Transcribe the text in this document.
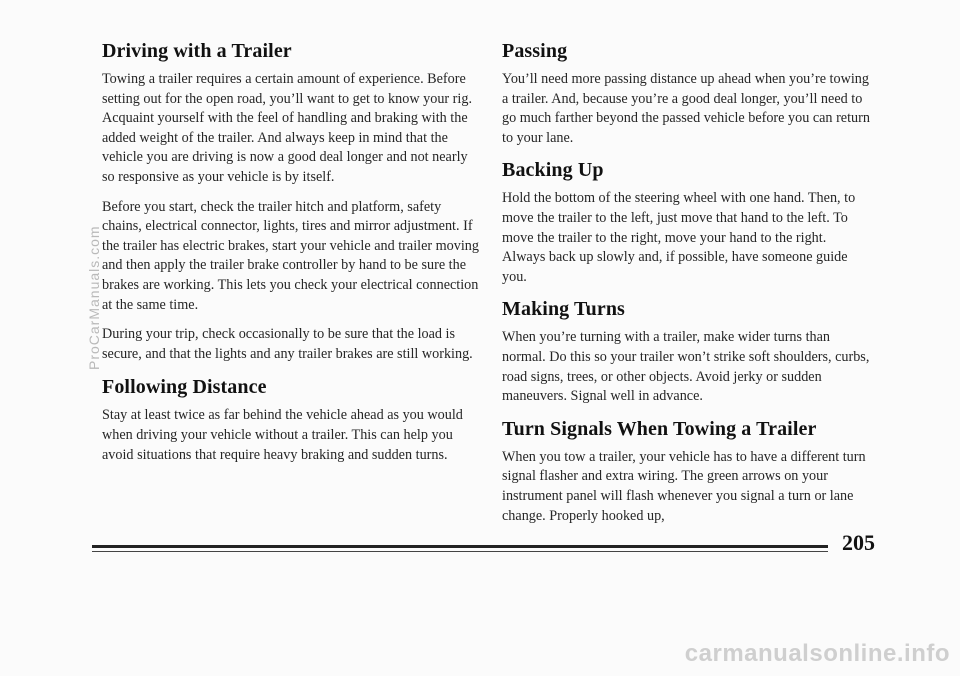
Driving with a Trailer

Towing a trailer requires a certain amount of experience. Before setting out for the open road, you’ll want to get to know your rig. Acquaint yourself with the feel of handling and braking with the added weight of the trailer. And always keep in mind that the vehicle you are driving is now a good deal longer and not nearly so responsive as your vehicle is by itself.

Before you start, check the trailer hitch and platform, safety chains, electrical connector, lights, tires and mirror adjustment. If the trailer has electric brakes, start your vehicle and trailer moving and then apply the trailer brake controller by hand to be sure the brakes are working. This lets you check your electrical connection at the same time.

During your trip, check occasionally to be sure that the load is secure, and that the lights and any trailer brakes are still working.

Following Distance

Stay at least twice as far behind the vehicle ahead as you would when driving your vehicle without a trailer. This can help you avoid situations that require heavy braking and sudden turns.

Passing

You’ll need more passing distance up ahead when you’re towing a trailer. And, because you’re a good deal longer, you’ll need to go much farther beyond the passed vehicle before you can return to your lane.

Backing Up

Hold the bottom of the steering wheel with one hand. Then, to move the trailer to the left, just move that hand to the left. To move the trailer to the right, move your hand to the right. Always back up slowly and, if possible, have someone guide you.

Making Turns

When you’re turning with a trailer, make wider turns than normal. Do this so your trailer won’t strike soft shoulders, curbs, road signs, trees, or other objects. Avoid jerky or sudden maneuvers. Signal well in advance.

Turn Signals When Towing a Trailer

When you tow a trailer, your vehicle has to have a different turn signal flasher and extra wiring. The green arrows on your instrument panel will flash whenever you signal a turn or lane change. Properly hooked up,

205
ProCarManuals.com
carmanualsonline.info
